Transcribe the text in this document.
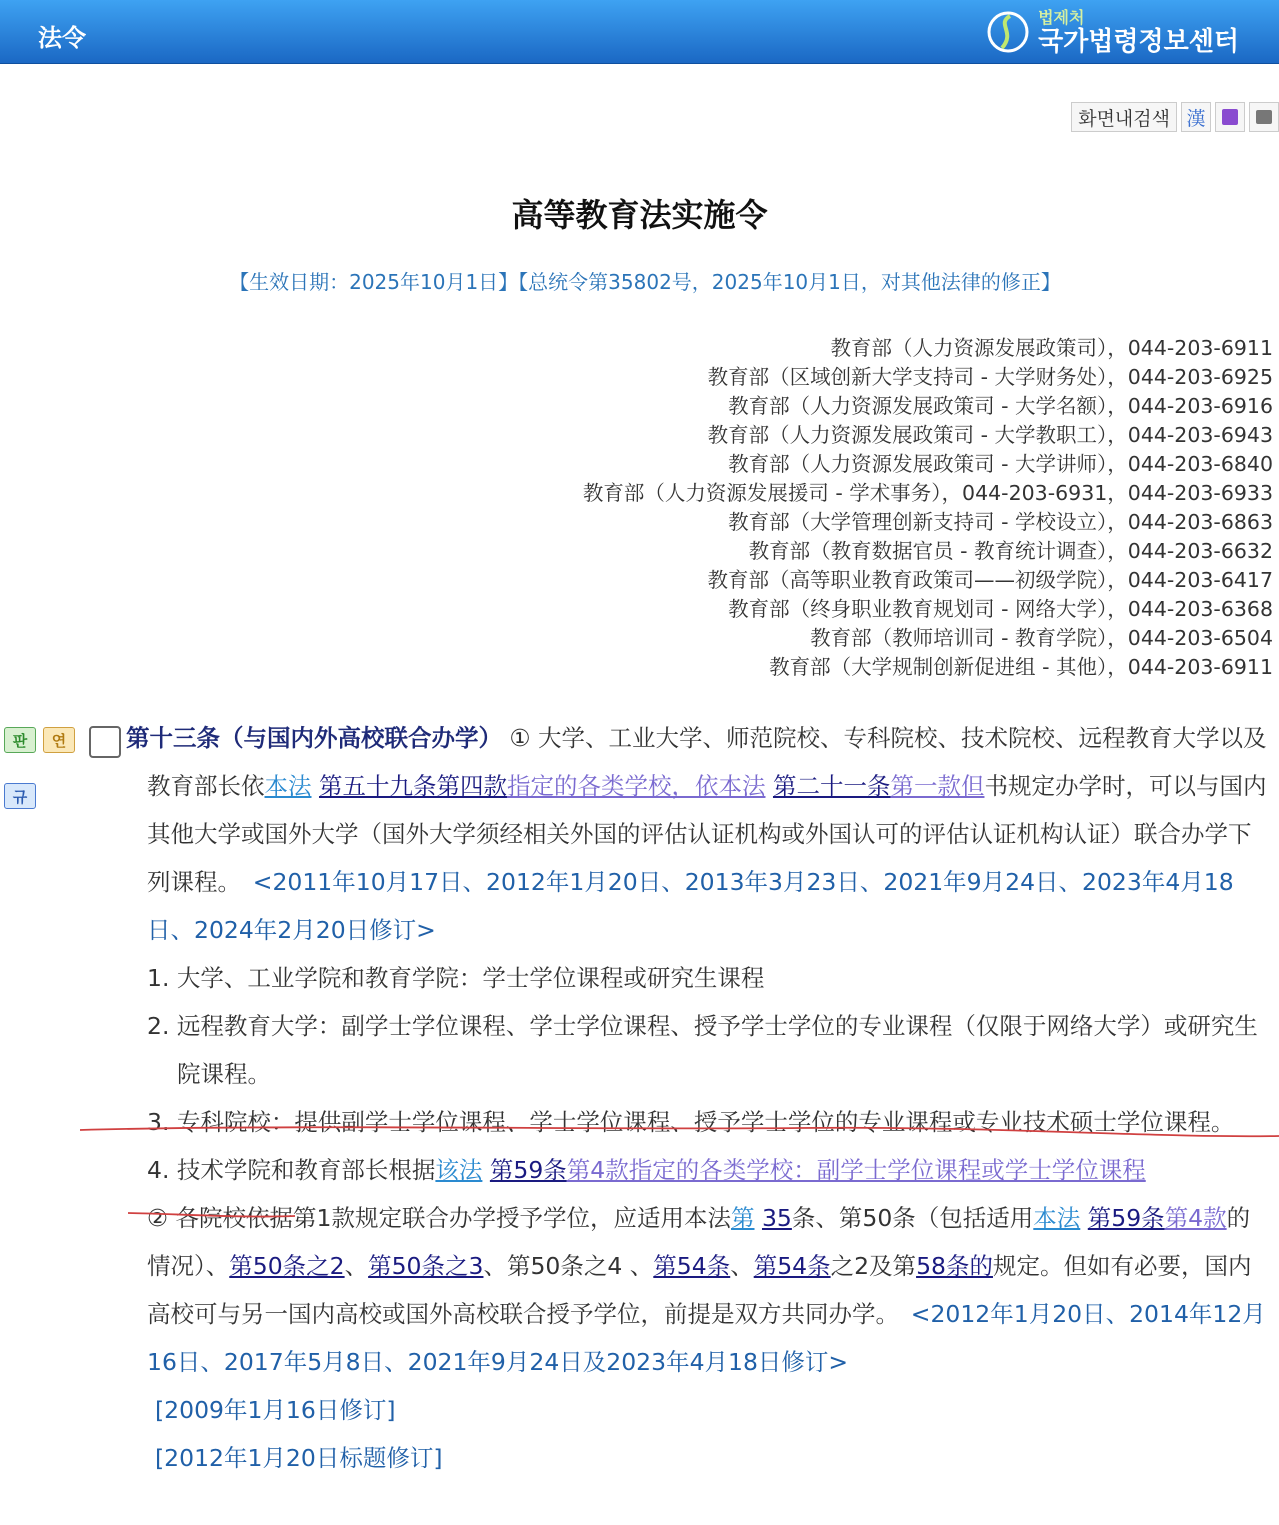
法令
법제처
국가법령정보센터
화면내검색 漢
高等教育法实施令
【生效日期：2025年10月1日】【总统令第35802号，2025年10月1日，对其他法律的修正】
教育部（人力资源发展政策司），044-203-6911
教育部（区域创新大学支持司 - 大学财务处），044-203-6925
教育部（人力资源发展政策司 - 大学名额），044-203-6916
教育部（人力资源发展政策司 - 大学教职工），044-203-6943
教育部（人力资源发展政策司 - 大学讲师），044-203-6840
教育部（人力资源发展援司 - 学术事务），044-203-6931，044-203-6933
教育部（大学管理创新支持司 - 学校设立），044-203-6863
教育部（教育数据官员 - 教育统计调查），044-203-6632
教育部（高等职业教育政策司——初级学院），044-203-6417
教育部（终身职业教育规划司 - 网络大学），044-203-6368
教育部（教师培训司 - 教育学院），044-203-6504
教育部（大学规制创新促进组 - 其他），044-203-6911
판	연
규

第十三条（与国内外高校联合办学） ① 大学、工业大学、师范院校、专科院校、技术院校、远程教育大学以及教育部长依本法 第五十九条第四款指定的各类学校，依本法 第二十一条第一款但书规定办学时，可以与国内其他大学或国外大学（国外大学须经相关外国的评估认证机构或外国认可的评估认证机构认证）联合办学下列课程。　<2011年10月17日、2012年1月20日、2013年3月23日、2021年9月24日、2023年4月18日、2024年2月20日修订>

1. 大学、工业学院和教育学院：学士学位课程或研究生课程

2. 远程教育大学：副学士学位课程、学士学位课程、授予学士学位的专业课程（仅限于网络大学）或研究生院课程。

3. 专科院校：提供副学士学位课程、学士学位课程、授予学士学位的专业课程或专业技术硕士学位课程。

4. 技术学院和教育部长根据该法 第59条第4款指定的各类学校：副学士学位课程或学士学位课程

② 各院校依据第1款规定联合办学授予学位，应适用本法第 35条、第50条（包括适用本法 第59条第4款的情况）、第50条之2、第50条之3、第50条之4 、第54条、第54条之2及第58条的规定。但如有必要，国内高校可与另一国内高校或国外高校联合授予学位，前提是双方共同办学。　<2012年1月20日、2014年12月16日、2017年5月8日、2021年9月24日及2023年4月18日修订>

[2009年1月16日修订]

[2012年1月20日标题修订]
